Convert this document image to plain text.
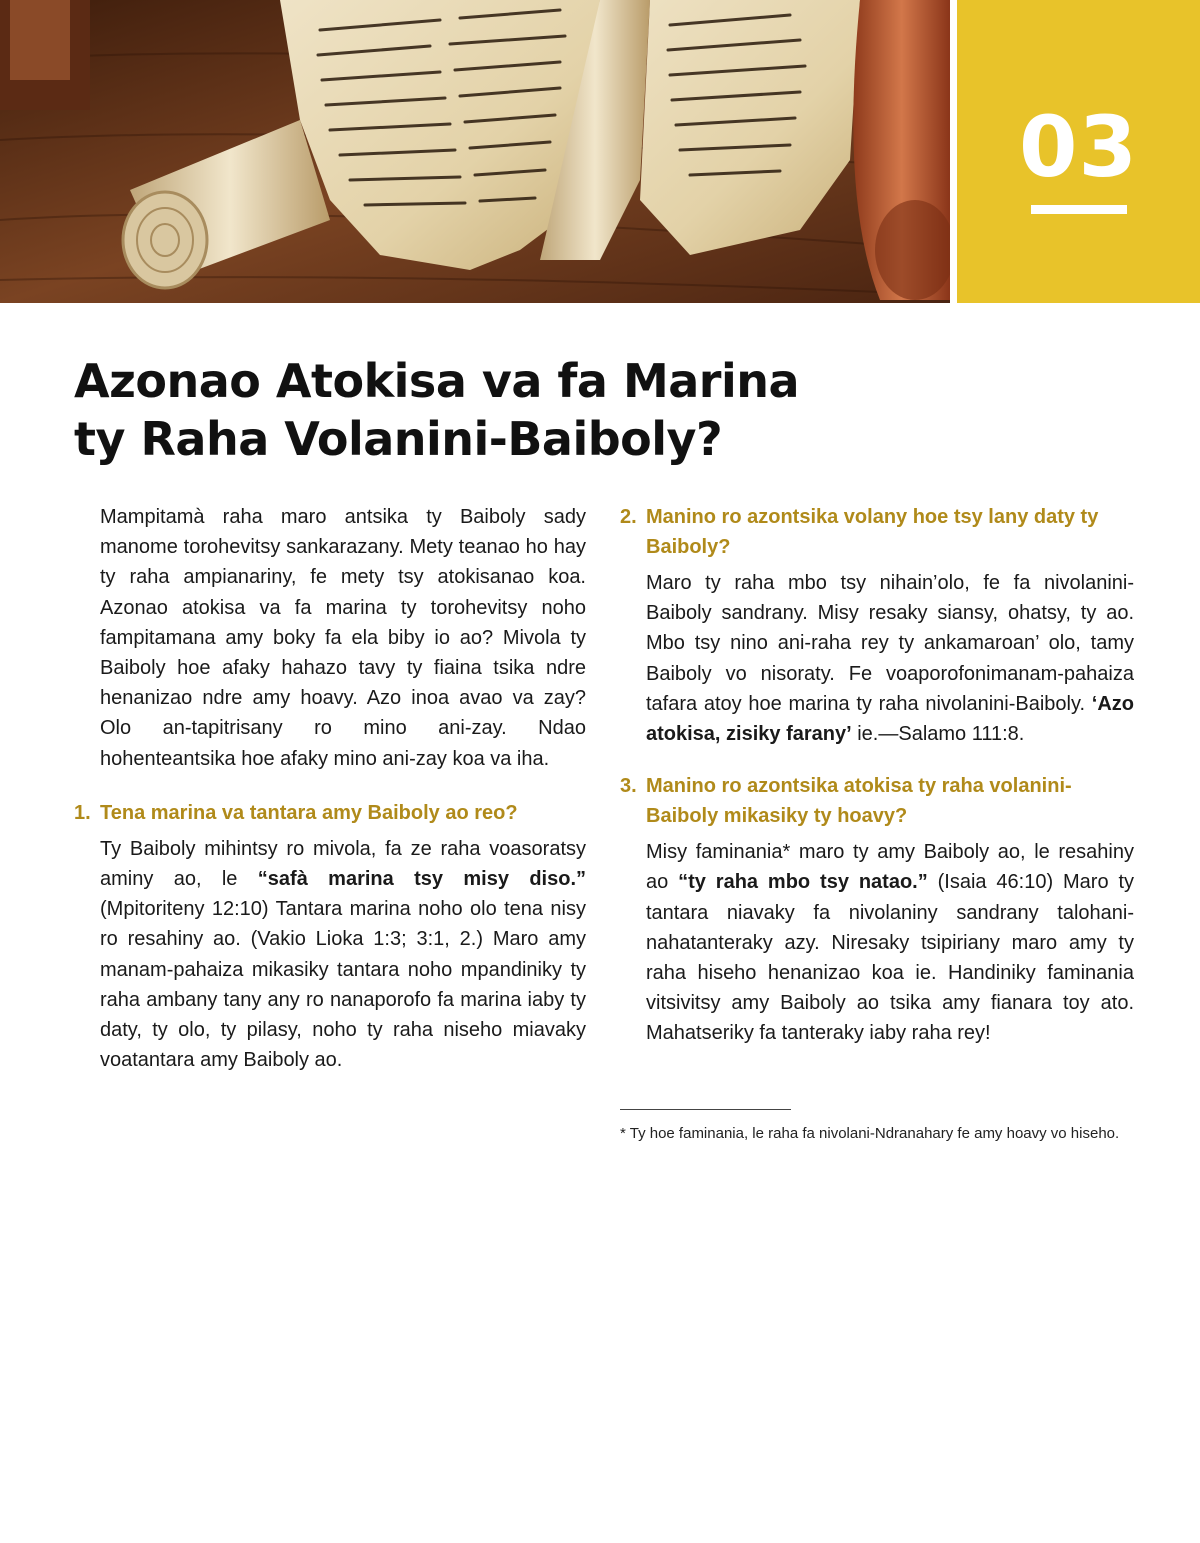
03
Azonao Atokisa va fa Marina
ty Raha Volanini-Baiboly?

Mampitamà raha maro antsika ty Baiboly sady manome torohevitsy sankarazany. Mety teanao ho hay ty raha ampianariny, fe mety tsy atokisanao koa. Azonao atokisa va fa marina ty torohevitsy noho fampitamana amy boky fa ela biby io ao? Mivola ty Baiboly hoe afaky hahazo tavy ty fiaina tsika ndre henanizao ndre amy hoavy. Azo inoa avao va zay? Olo an-tapitrisany ro mino ani-zay. Ndao hohenteantsika hoe afaky mino ani-zay koa va iha.

1. Tena marina va tantara amy Baiboly ao reo?

Ty Baiboly mihintsy ro mivola, fa ze raha voasoratsy aminy ao, le “safà marina tsy misy diso.” (Mpitoriteny 12:10) Tantara marina noho olo tena nisy ro resahiny ao. (Vakio Lioka 1:3; 3:1, 2.) Maro amy manam-pahaiza mikasiky tantara noho mpandiniky ty raha ambany tany any ro nanaporofo fa marina iaby ty daty, ty olo, ty pilasy, noho ty raha niseho miavaky voatantara amy Baiboly ao.

2. Manino ro azontsika volany hoe tsy lany daty ty Baiboly?

Maro ty raha mbo tsy nihain’olo, fe fa nivolanini-Baiboly sandrany. Misy resaky siansy, ohatsy, ty ao. Mbo tsy nino ani-raha rey ty ankamaroan’ olo, tamy Baiboly vo nisoraty. Fe voaporofonimanam-pahaiza tafara atoy hoe marina ty raha nivolanini-Baiboly. ‘Azo atokisa, zisiky farany’ ie.—Salamo 111:8.

3. Manino ro azontsika atokisa ty raha volanini-Baiboly mikasiky ty hoavy?

Misy faminania* maro ty amy Baiboly ao, le resahiny ao “ty raha mbo tsy natao.” (Isaia 46:10) Maro ty tantara niavaky fa nivolaniny sandrany talohani-nahatanteraky azy. Niresaky tsipiriany maro amy ty raha hiseho henanizao koa ie. Handiniky faminania vitsivitsy amy Baiboly ao tsika amy fianara toy ato. Mahatseriky fa tanteraky iaby raha rey!

* Ty hoe faminania, le raha fa nivolani-Ndranahary fe amy hoavy vo hiseho.
